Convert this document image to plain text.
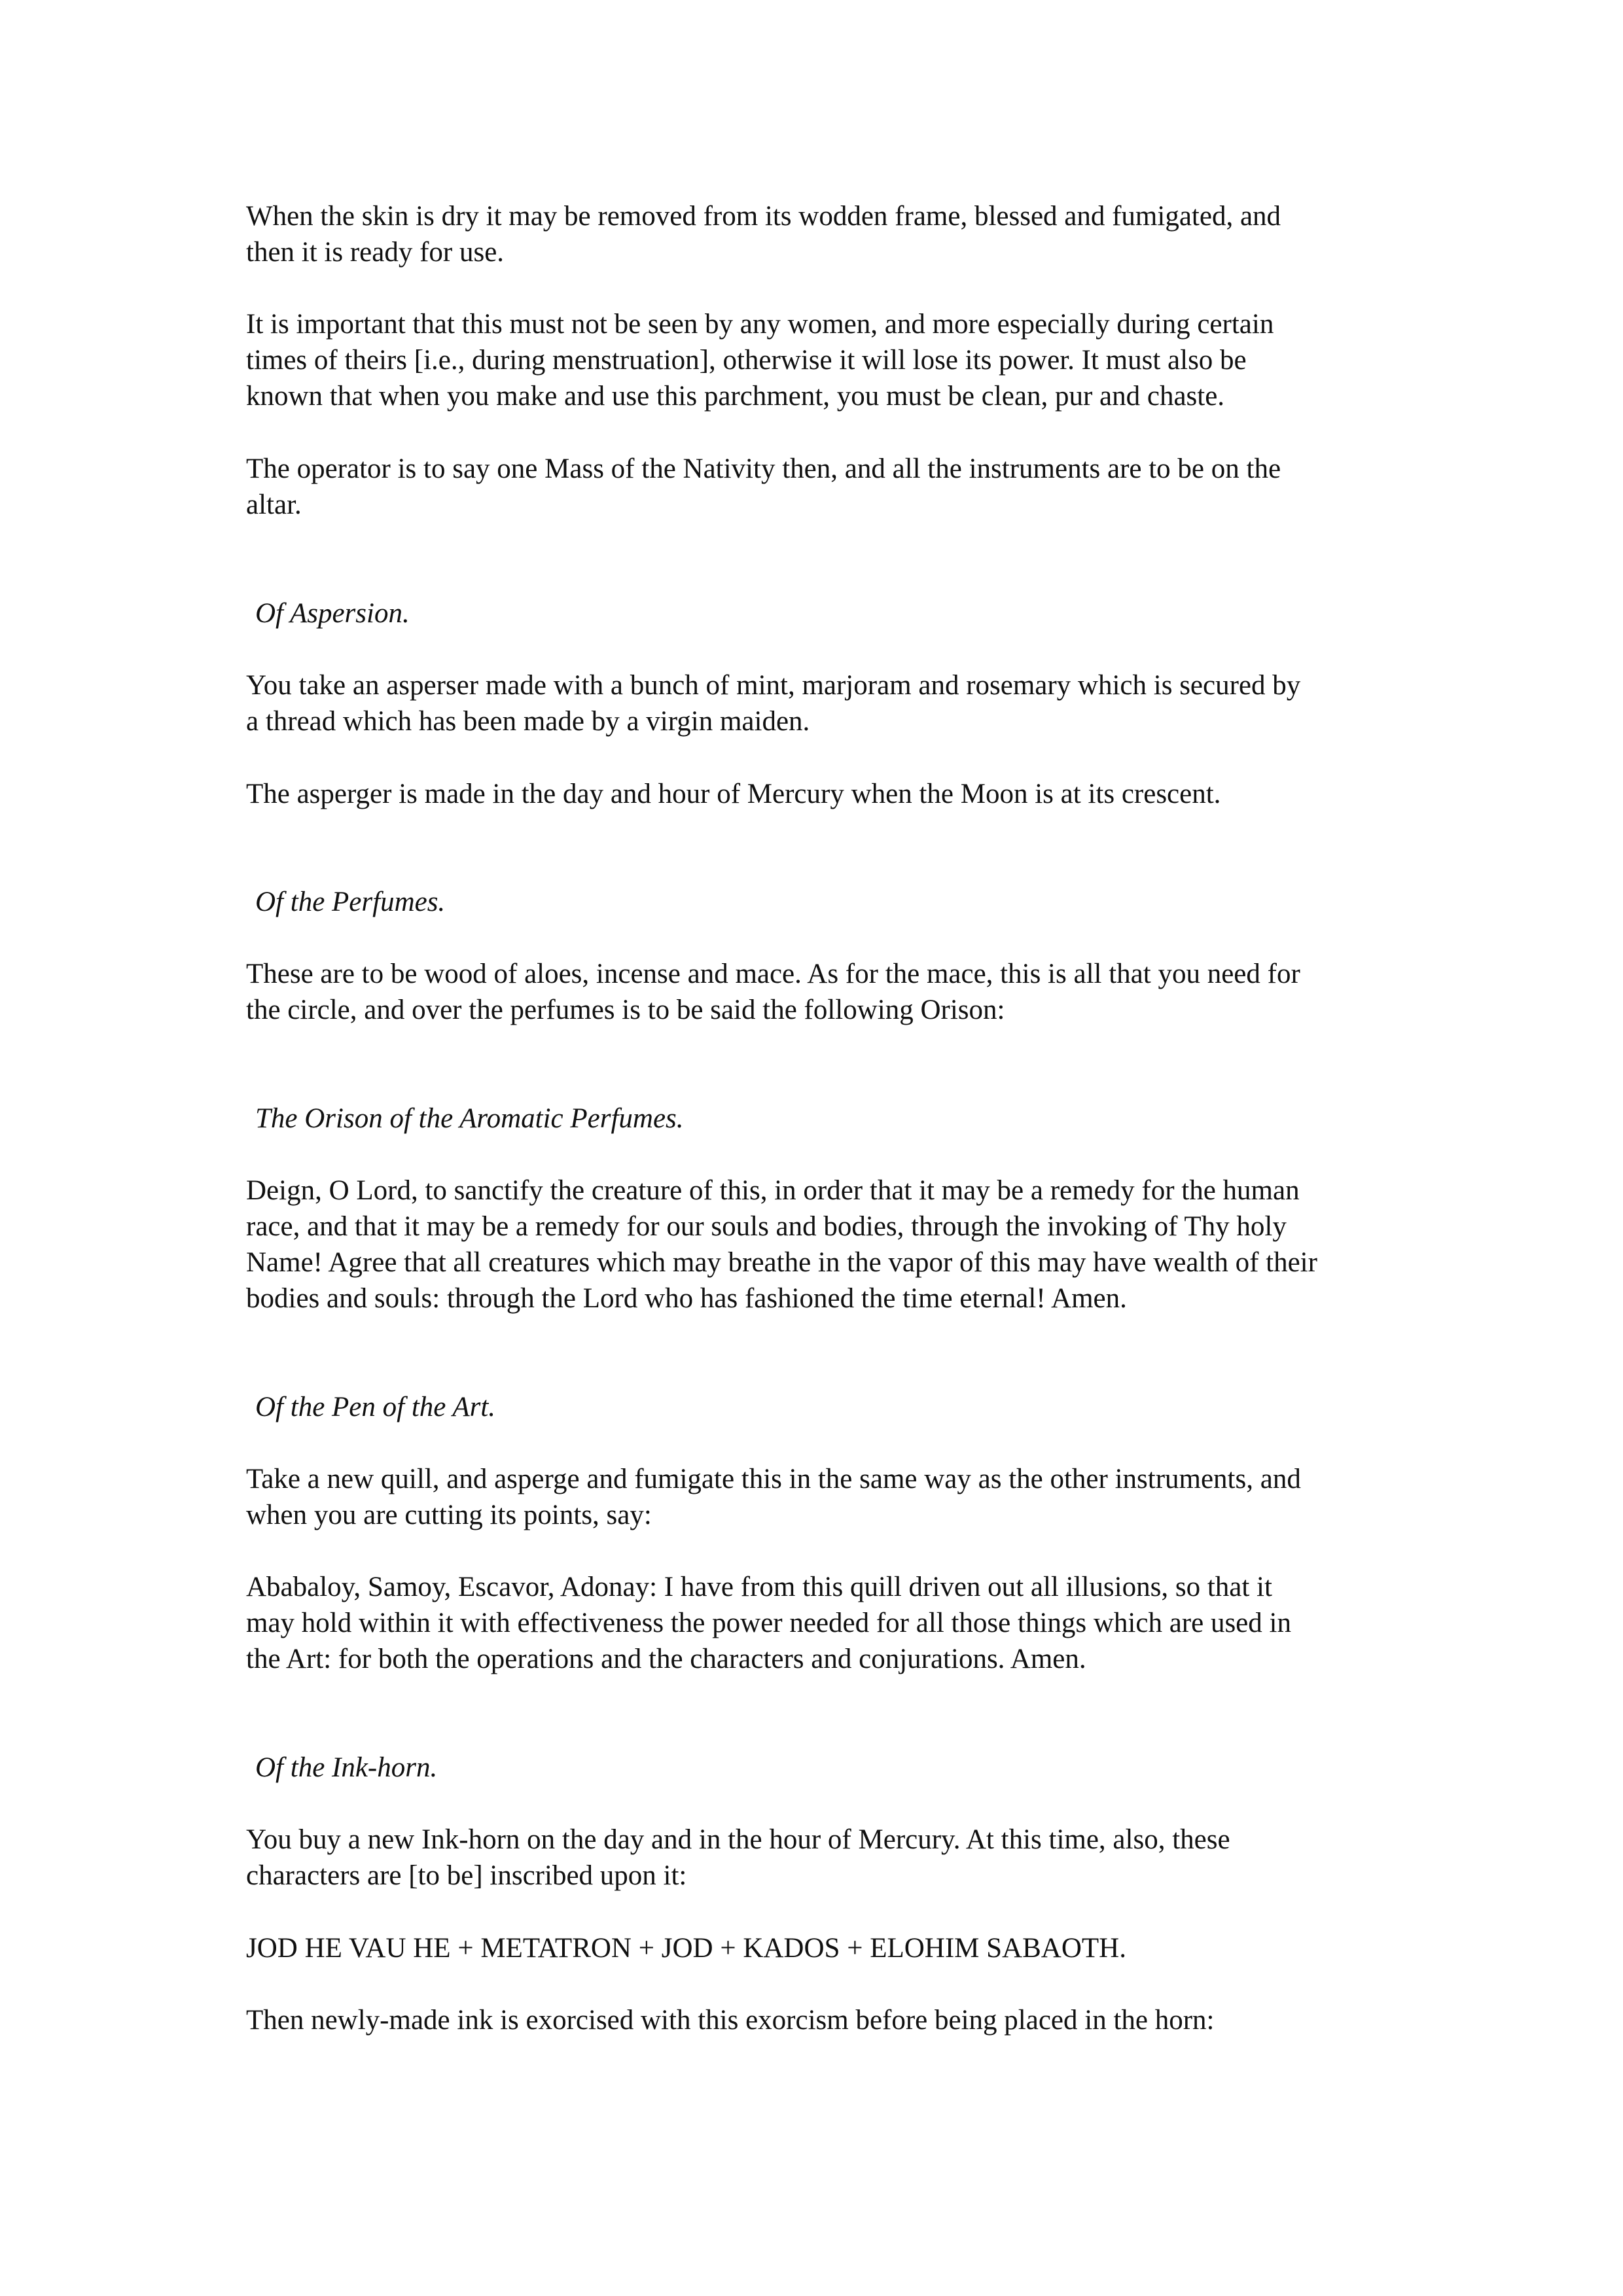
When the skin is dry it may be removed from its wodden frame, blessed and fumigated, and
then it is ready for use.

It is important that this must not be seen by any women, and more especially during certain
times of theirs [i.e., during menstruation], otherwise it will lose its power. It must also be
known that when you make and use this parchment, you must be clean, pur and chaste.

The operator is to say one Mass of the Nativity then, and all the instruments are to be on the
altar.

Of Aspersion.

You take an asperser made with a bunch of mint, marjoram and rosemary which is secured by
a thread which has been made by a virgin maiden.

The asperger is made in the day and hour of Mercury when the Moon is at its crescent.

Of the Perfumes.

These are to be wood of aloes, incense and mace. As for the mace, this is all that you need for
the circle, and over the perfumes is to be said the following Orison:

The Orison of the Aromatic Perfumes.

Deign, O Lord, to sanctify the creature of this, in order that it may be a remedy for the human
race, and that it may be a remedy for our souls and bodies, through the invoking of Thy holy
Name! Agree that all creatures which may breathe in the vapor of this may have wealth of their
bodies and souls: through the Lord who has fashioned the time eternal! Amen.

Of the Pen of the Art.

Take a new quill, and asperge and fumigate this in the same way as the other instruments, and
when you are cutting its points, say:

Ababaloy, Samoy, Escavor, Adonay: I have from this quill driven out all illusions, so that it
may hold within it with effectiveness the power needed for all those things which are used in
the Art: for both the operations and the characters and conjurations. Amen.

Of the Ink-horn.

You buy a new Ink-horn on the day and in the hour of Mercury. At this time, also, these
characters are [to be] inscribed upon it:

JOD HE VAU HE + METATRON + JOD + KADOS + ELOHIM SABAOTH.

Then newly-made ink is exorcised with this exorcism before being placed in the horn:
